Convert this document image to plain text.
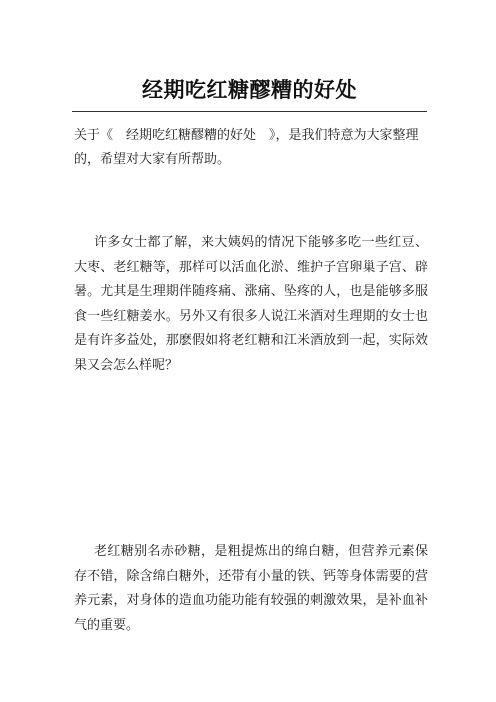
经期吃红糖醪糟的好处
关于《　经期吃红糖醪糟的好处　》，是我们特意为大家整理的，希望对大家有所帮助。
许多女士都了解，来大姨妈的情况下能够多吃一些红豆、大枣、老红糖等，那样可以活血化淤、维护子宫卵巢子宫、辟暑。尤其是生理期伴随疼痛、涨痛、坠疼的人，也是能够多服食一些红糖姜水。另外又有很多人说江米酒对生理期的女士也是有许多益处，那麽假如将老红糖和江米酒放到一起，实际效果又会怎么样呢？
老红糖别名赤砂糖，是粗提炼出的绵白糖，但营养元素保存不错，除含绵白糖外，还带有小量的铁、钙等身体需要的营养元素，对身体的造血功能功能有较强的刺激效果，是补血补气的重要。
